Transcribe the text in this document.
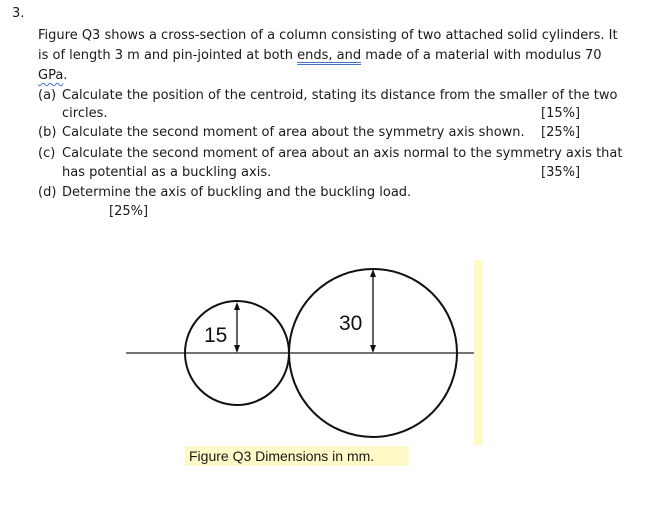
3.
Figure Q3 shows a cross-section of a column consisting of two attached solid cylinders. It
is of length 3 m and pin-jointed at both ends, and made of a material with modulus 70
GPa.
(a) Calculate the position of the centroid, stating its distance from the smaller of the two
circles.	[15%]
(b) Calculate the second moment of area about the symmetry axis shown. [25%]
(c) Calculate the second moment of area about an axis normal to the symmetry axis that
has potential as a buckling axis.	[35%]
(d) Determine the axis of buckling and the buckling load.
[25%]
15
30
Figure Q3 Dimensions in mm.
